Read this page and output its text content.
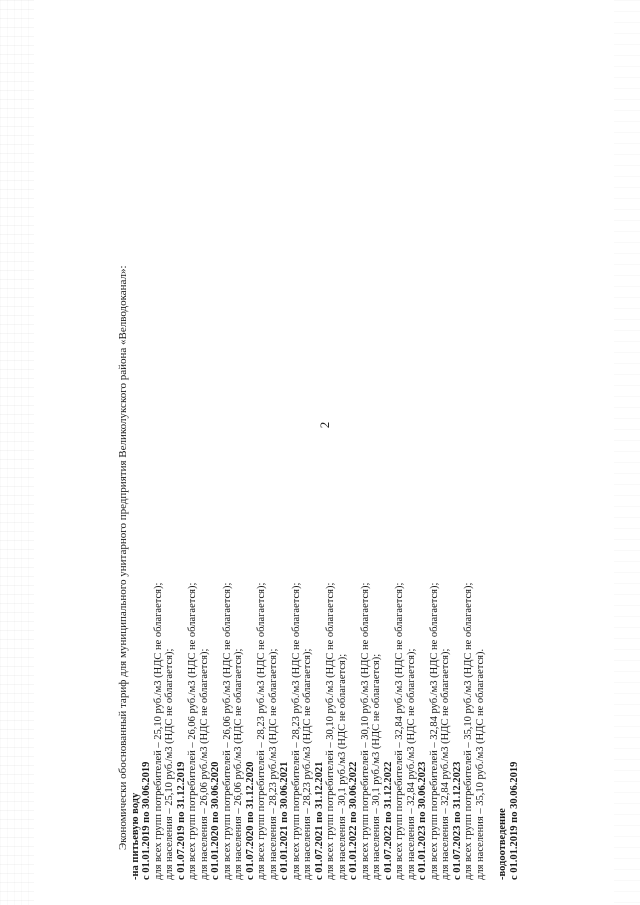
2
Экономически обоснованный тариф для муниципального унитарного предприятия Великолукского района «Велводоканал»: -на питьевую воду с 01.01.2019 по 30.06.2019 для всех групп потребителей – 25,10 руб./м3 (НДС не облагается); для населения – 25,10 руб./м3 (НДС не облагается); с 01.07.2019 по 31.12.2019 для всех групп потребителей – 26,06 руб./м3 (НДС не облагается); для населения – 26,06 руб./м3 (НДС не облагается); с 01.01.2020 по 30.06.2020 для всех групп потребителей – 26,06 руб./м3 (НДС не облагается); для населения – 26,06 руб./м3 (НДС не облагается); с 01.07.2020 по 31.12.2020 для всех групп потребителей – 28,23 руб./м3 (НДС не облагается); для населения – 28,23 руб./м3 (НДС не облагается); с 01.01.2021 по 30.06.2021 для всех групп потребителей – 28,23 руб./м3 (НДС не облагается); для населения – 28,23 руб./м3 (НДС не облагается); с 01.07.2021 по 31.12.2021 для всех групп потребителей – 30,10 руб./м3 (НДС не облагается); для населения – 30,1 руб./м3 (НДС не облагается); с 01.01.2022 по 30.06.2022 для всех групп потребителей – 30,10 руб./м3 (НДС не облагается); для населения – 30,1 руб./м3 (НДС не облагается); с 01.07.2022 по 31.12.2022 для всех групп потребителей – 32,84 руб./м3 (НДС не облагается); для населения – 32,84 руб./м3 (НДС не облагается); с 01.01.2023 по 30.06.2023 для всех групп потребителей – 32,84 руб./м3 (НДС не облагается); для населения – 32,84 руб./м3 (НДС не облагается); с 01.07.2023 по 31.12.2023 для всех групп потребителей – 35,10 руб./м3 (НДС не облагается); для населения – 35,10 руб./м3 (НДС не облагается). -водоотведение с 01.01.2019 по 30.06.2019
